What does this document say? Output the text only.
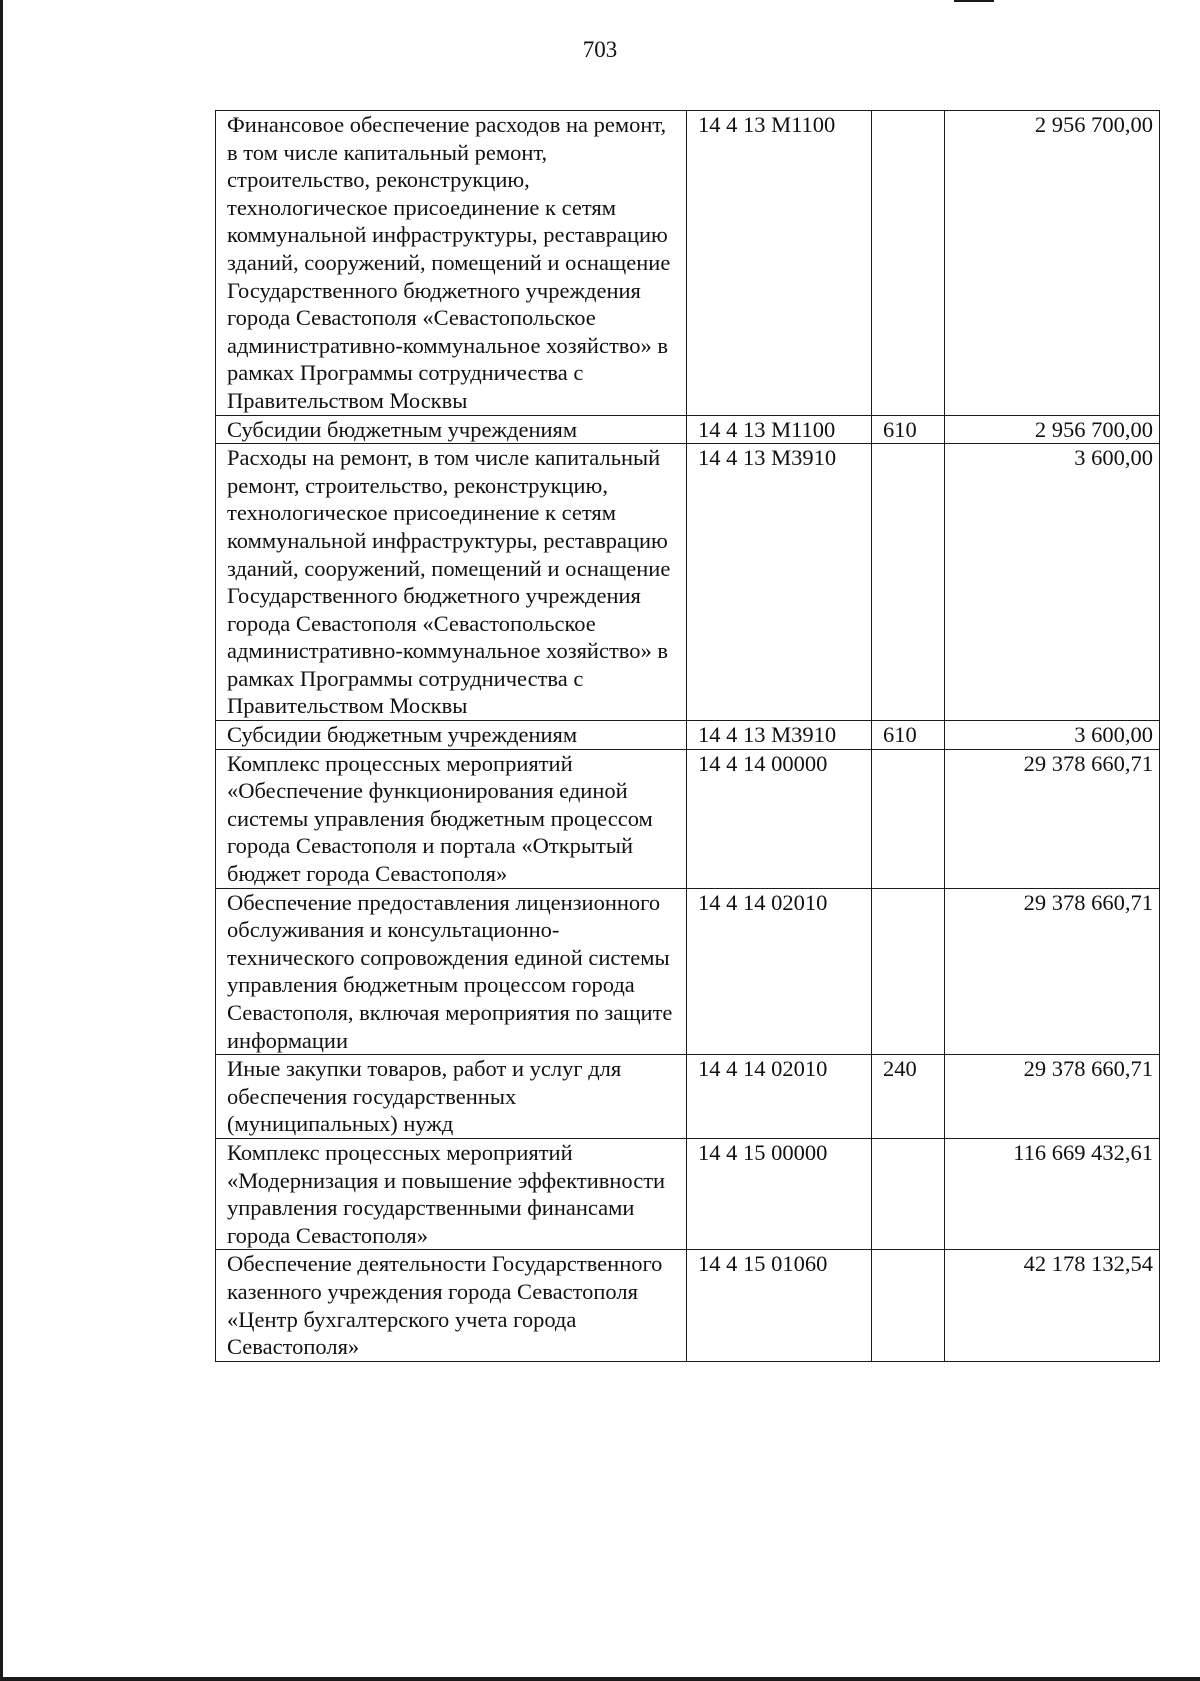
703
Финансовое обеспечение расходов на ремонт, в том числе капитальный ремонт, строительство, реконструкцию, технологическое присоединение к сетям коммунальной инфраструктуры, реставрацию зданий, сооружений, помещений и оснащение Государственного бюджетного учреждения города Севастополя «Севастопольское административно-коммунальное хозяйство» в рамках Программы сотрудничества с Правительством Москвы	14 4 13 М1100		2 956 700,00
Субсидии бюджетным учреждениям	14 4 13 М1100	610	2 956 700,00
Расходы на ремонт, в том числе капитальный ремонт, строительство, реконструкцию, технологическое присоединение к сетям коммунальной инфраструктуры, реставрацию зданий, сооружений, помещений и оснащение Государственного бюджетного учреждения города Севастополя «Севастопольское административно-коммунальное хозяйство» в рамках Программы сотрудничества с Правительством Москвы	14 4 13 М3910		3 600,00
Субсидии бюджетным учреждениям	14 4 13 М3910	610	3 600,00
Комплекс процессных мероприятий «Обеспечение функционирования единой системы управления бюджетным процессом города Севастополя и портала «Открытый бюджет города Севастополя»	14 4 14 00000		29 378 660,71
Обеспечение предоставления лицензионного обслуживания и консультационно-технического сопровождения единой системы управления бюджетным процессом города Севастополя, включая мероприятия по защите информации	14 4 14 02010		29 378 660,71
Иные закупки товаров, работ и услуг для обеспечения государственных (муниципальных) нужд	14 4 14 02010	240	29 378 660,71
Комплекс процессных мероприятий «Модернизация и повышение эффективности управления государственными финансами города Севастополя»	14 4 15 00000		116 669 432,61
Обеспечение деятельности Государственного казенного учреждения города Севастополя «Центр бухгалтерского учета города Севастополя»	14 4 15 01060		42 178 132,54
